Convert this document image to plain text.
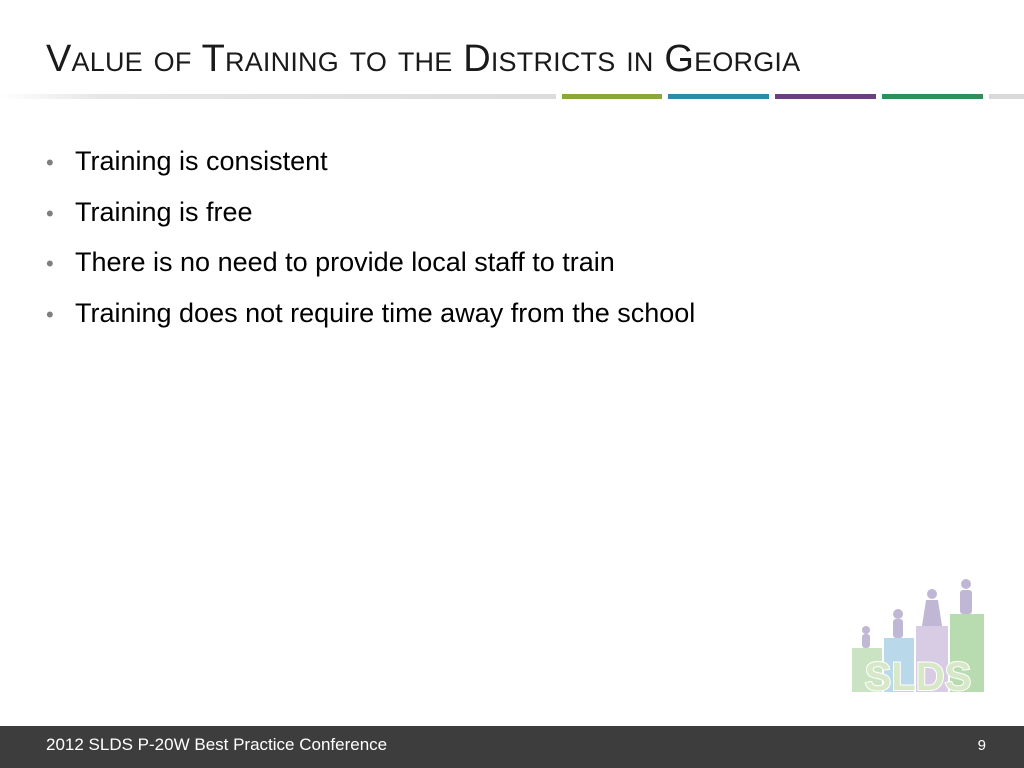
Value of Training to the Districts in Georgia
• Training is consistent
• Training is free
• There is no need to provide local staff to train
• Training does not require time away from the school
SLDS
2012 SLDS P-20W Best Practice Conference	9
